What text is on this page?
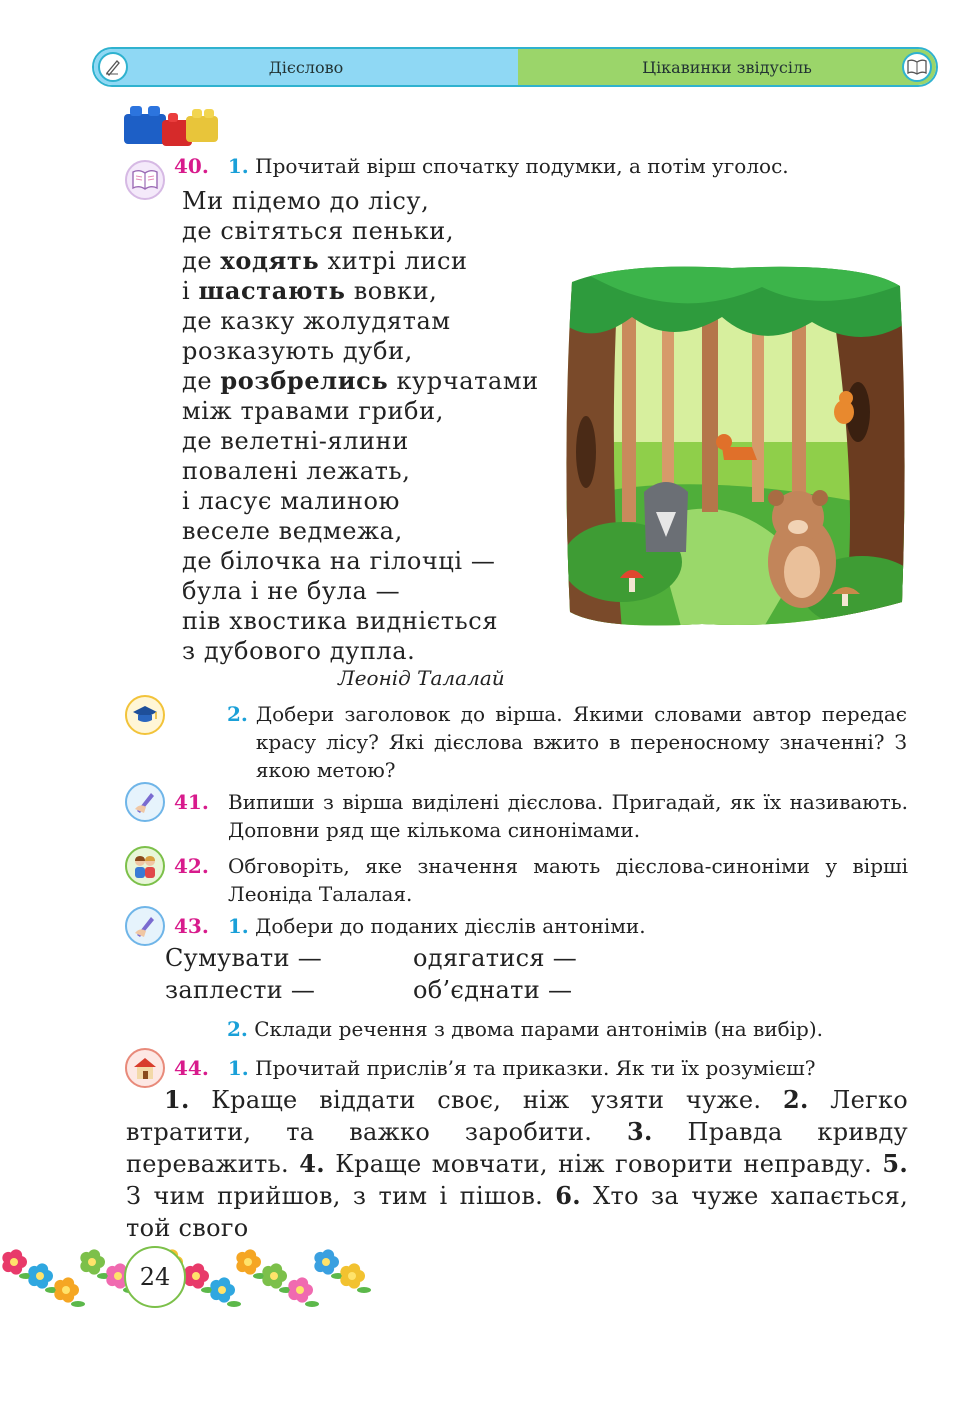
Дієслово	Цікавинки звідусіль
40. 1. Прочитай вірш спочатку подумки, а потім уголос.
Ми підемо до лісу,
де світяться пеньки,
де ходять хитрі лиси
і шастають вовки,
де казку жолудятам
розказують дуби,
де розбрелись курчатами
між травами гриби,
де велетні-ялини
повалені лежать,
і ласує малиною
веселе ведмежа,
де білочка на гілочці —
була і не була —
пів хвостика видніється
з дубового дупла.
Леонід Талалай
2. Добери заголовок до вірша. Якими словами автор передає красу лісу? Які дієслова вжито в переносному значенні? З якою метою?
41. Випиши з вірша виділені дієслова. Пригадай, як їх називають. Доповни ряд ще кількома синонімами.
42. Обговоріть, яке значення мають дієслова-синоніми у вірші Леоніда Талалая.
43. 1. Добери до поданих дієслів антоніми.
Сумувати —	одягатися —
заплести —	об’єднати —
2. Склади речення з двома парами антонімів (на вибір).
44. 1. Прочитай прислів’я та приказки. Як ти їх розумієш?
1. Краще віддати своє, ніж узяти чуже. 2. Легко втратити, та важко заробити. 3. Правда кривду переважить. 4. Краще мовчати, ніж говорити неправду. 5. З чим прийшов, з тим і пішов. 6. Хто за чуже хапається, той свого
24
